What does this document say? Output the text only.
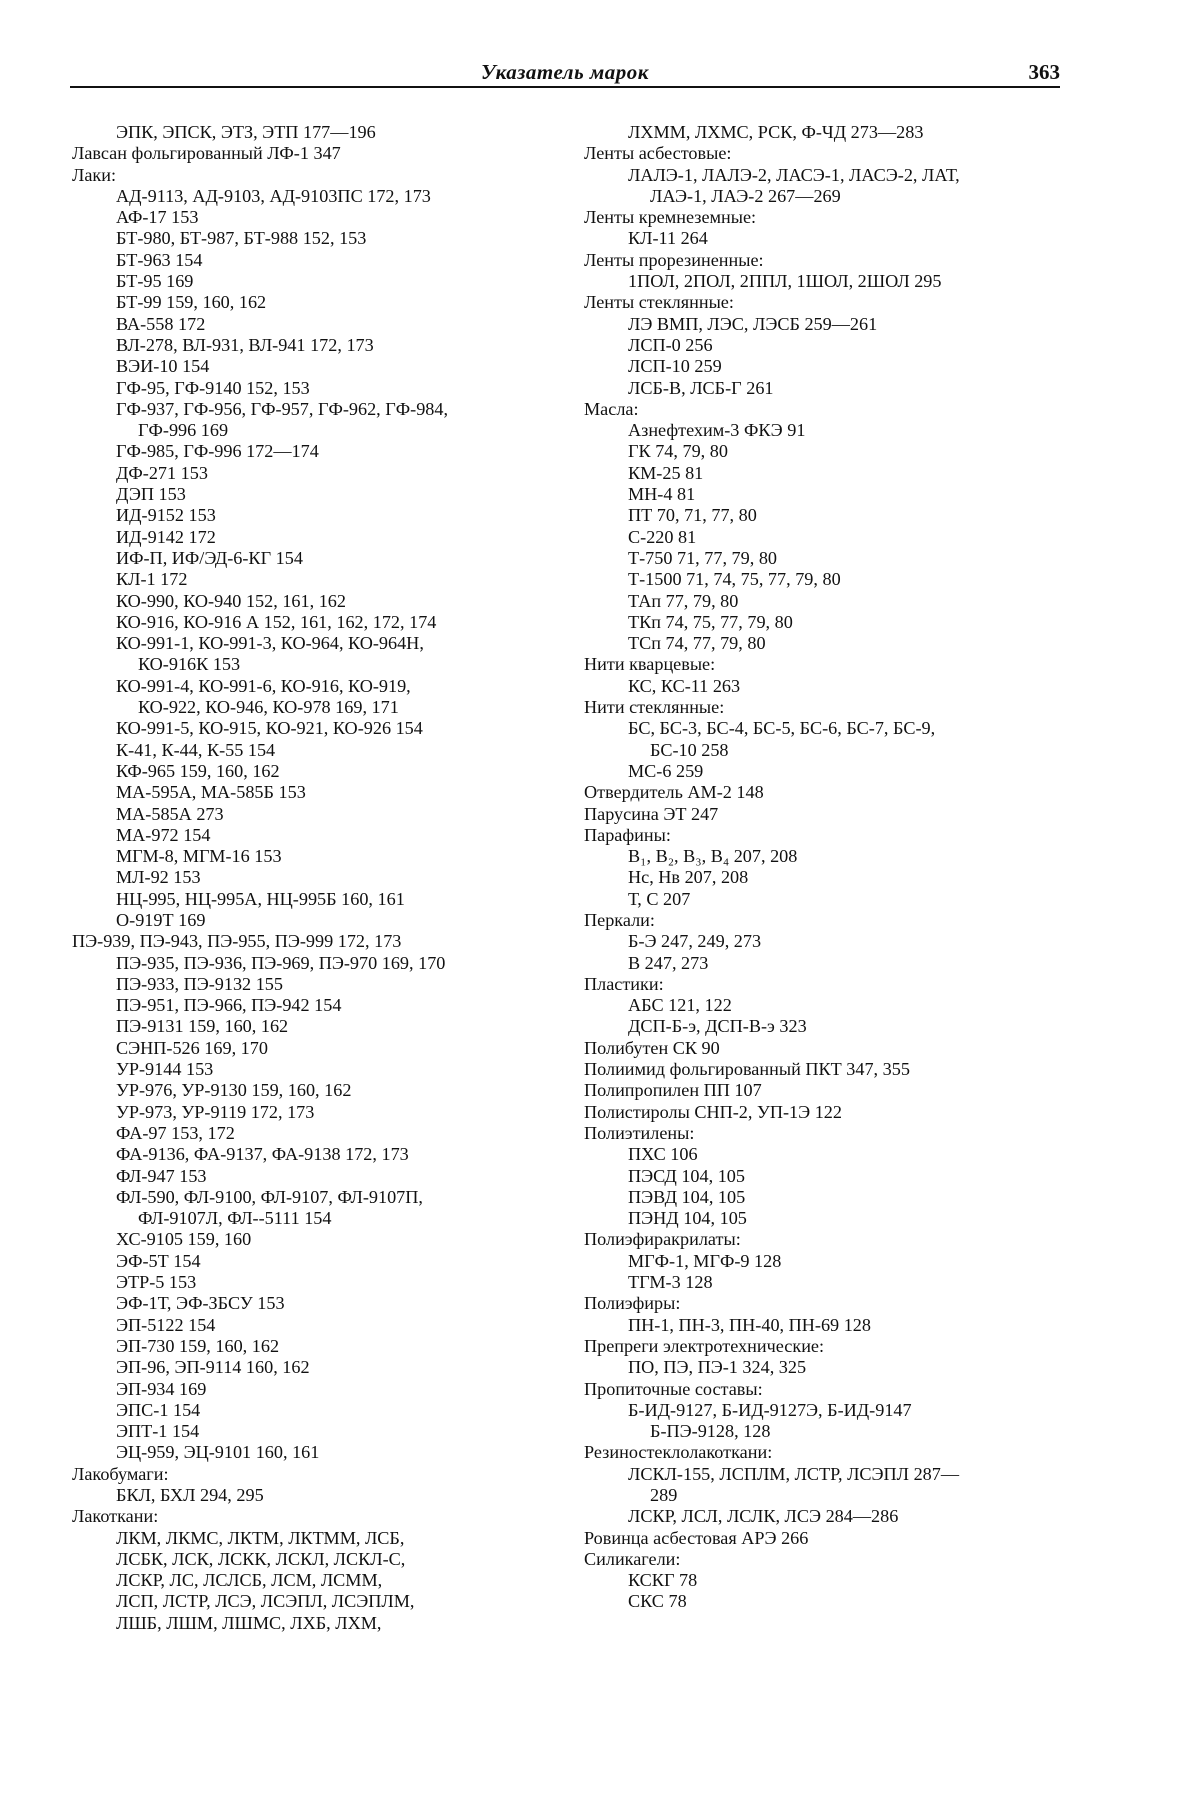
Указатель марок	363
ЭПК, ЭПСК, ЭТЗ, ЭТП 177—196
Лавсан фольгированный ЛФ-1 347
Лаки:
АД-9113, АД-9103, АД-9103ПС 172, 173
АФ-17 153
БТ-980, БТ-987, БТ-988 152, 153
БТ-963 154
БТ-95 169
БТ-99 159, 160, 162
ВА-558 172
ВЛ-278, ВЛ-931, ВЛ-941 172, 173
ВЭИ-10 154
ГФ-95, ГФ-9140 152, 153
ГФ-937, ГФ-956, ГФ-957, ГФ-962, ГФ-984,
ГФ-996 169
ГФ-985, ГФ-996 172—174
ДФ-271 153
ДЭП 153
ИД-9152 153
ИД-9142 172
ИФ-П, ИФ/ЭД-6-КГ 154
КЛ-1 172
КО-990, КО-940 152, 161, 162
КО-916, КО-916 А 152, 161, 162, 172, 174
КО-991-1, КО-991-3, КО-964, КО-964Н,
КО-916К 153
КО-991-4, КО-991-6, КО-916, КО-919,
КО-922, КО-946, КО-978 169, 171
КО-991-5, КО-915, КО-921, КО-926 154
К-41, К-44, К-55 154
КФ-965 159, 160, 162
МА-595А, МА-585Б 153
МА-585А 273
МА-972 154
МГМ-8, МГМ-16 153
МЛ-92 153
НЦ-995, НЦ-995А, НЦ-995Б 160, 161
О-919Т 169
ПЭ-939, ПЭ-943, ПЭ-955, ПЭ-999 172, 173
ПЭ-935, ПЭ-936, ПЭ-969, ПЭ-970 169, 170
ПЭ-933, ПЭ-9132 155
ПЭ-951, ПЭ-966, ПЭ-942 154
ПЭ-9131 159, 160, 162
СЭНП-526 169, 170
УР-9144 153
УР-976, УР-9130 159, 160, 162
УР-973, УР-9119 172, 173
ФА-97 153, 172
ФА-9136, ФА-9137, ФА-9138 172, 173
ФЛ-947 153
ФЛ-590, ФЛ-9100, ФЛ-9107, ФЛ-9107П,
ФЛ-9107Л, ФЛ--5111 154
ХС-9105 159, 160
ЭФ-5Т 154
ЭТР-5 153
ЭФ-1Т, ЭФ-ЗБСУ 153
ЭП-5122 154
ЭП-730 159, 160, 162
ЭП-96, ЭП-9114 160, 162
ЭП-934 169
ЭПС-1 154
ЭПТ-1 154
ЭЦ-959, ЭЦ-9101 160, 161
Лакобумаги:
БКЛ, БХЛ 294, 295
Лакоткани:
ЛКМ, ЛКМС, ЛКТМ, ЛКТММ, ЛСБ,
ЛСБК, ЛСК, ЛСКК, ЛСКЛ, ЛСКЛ-С,
ЛСКР, ЛС, ЛСЛСБ, ЛСМ, ЛСММ,
ЛСП, ЛСТР, ЛСЭ, ЛСЭПЛ, ЛСЭПЛМ,
ЛШБ, ЛШМ, ЛШМС, ЛХБ, ЛХМ,
ЛХММ, ЛХМС, РСК, Ф-ЧД 273—283
Ленты асбестовые:
ЛАЛЭ-1, ЛАЛЭ-2, ЛАСЭ-1, ЛАСЭ-2, ЛАТ,
ЛАЭ-1, ЛАЭ-2 267—269
Ленты кремнеземные:
КЛ-11 264
Ленты прорезиненные:
1ПОЛ, 2ПОЛ, 2ППЛ, 1ШОЛ, 2ШОЛ 295
Ленты стеклянные:
ЛЭ ВМП, ЛЭС, ЛЭСБ 259—261
ЛСП-0 256
ЛСП-10 259
ЛСБ-В, ЛСБ-Г 261
Масла:
Азнефтехим-3 ФКЭ 91
ГК 74, 79, 80
КМ-25 81
МН-4 81
ПТ 70, 71, 77, 80
С-220 81
Т-750 71, 77, 79, 80
Т-1500 71, 74, 75, 77, 79, 80
ТАп 77, 79, 80
ТКп 74, 75, 77, 79, 80
ТСп 74, 77, 79, 80
Нити кварцевые:
КС, КС-11 263
Нити стеклянные:
БС, БС-3, БС-4, БС-5, БС-6, БС-7, БС-9,
БС-10 258
МС-6 259
Отвердитель АМ-2 148
Парусина ЭТ 247
Парафины:
В₁, В₂, В₃, В₄ 207, 208
Нс, Нв 207, 208
Т, С 207
Перкали:
Б-Э 247, 249, 273
В 247, 273
Пластики:
АБС 121, 122
ДСП-Б-э, ДСП-В-э 323
Полибутен СК 90
Полиимид фольгированный ПКТ 347, 355
Полипропилен ПП 107
Полистиролы СНП-2, УП-1Э 122
Полиэтилены:
ПХС 106
ПЭСД 104, 105
ПЭВД 104, 105
ПЭНД 104, 105
Полиэфиракрилаты:
МГФ-1, МГФ-9 128
ТГМ-3 128
Полиэфиры:
ПН-1, ПН-3, ПН-40, ПН-69 128
Препреги электротехнические:
ПО, ПЭ, ПЭ-1 324, 325
Пропиточные составы:
Б-ИД-9127, Б-ИД-9127Э, Б-ИД-9147
Б-ПЭ-9128, 128
Резиностеклолакоткани:
ЛСКЛ-155, ЛСПЛМ, ЛСТР, ЛСЭПЛ 287—
289
ЛСКР, ЛСЛ, ЛСЛК, ЛСЭ 284—286
Ровинца асбестовая АРЭ 266
Силикагели:
КСКГ 78
СКС 78
